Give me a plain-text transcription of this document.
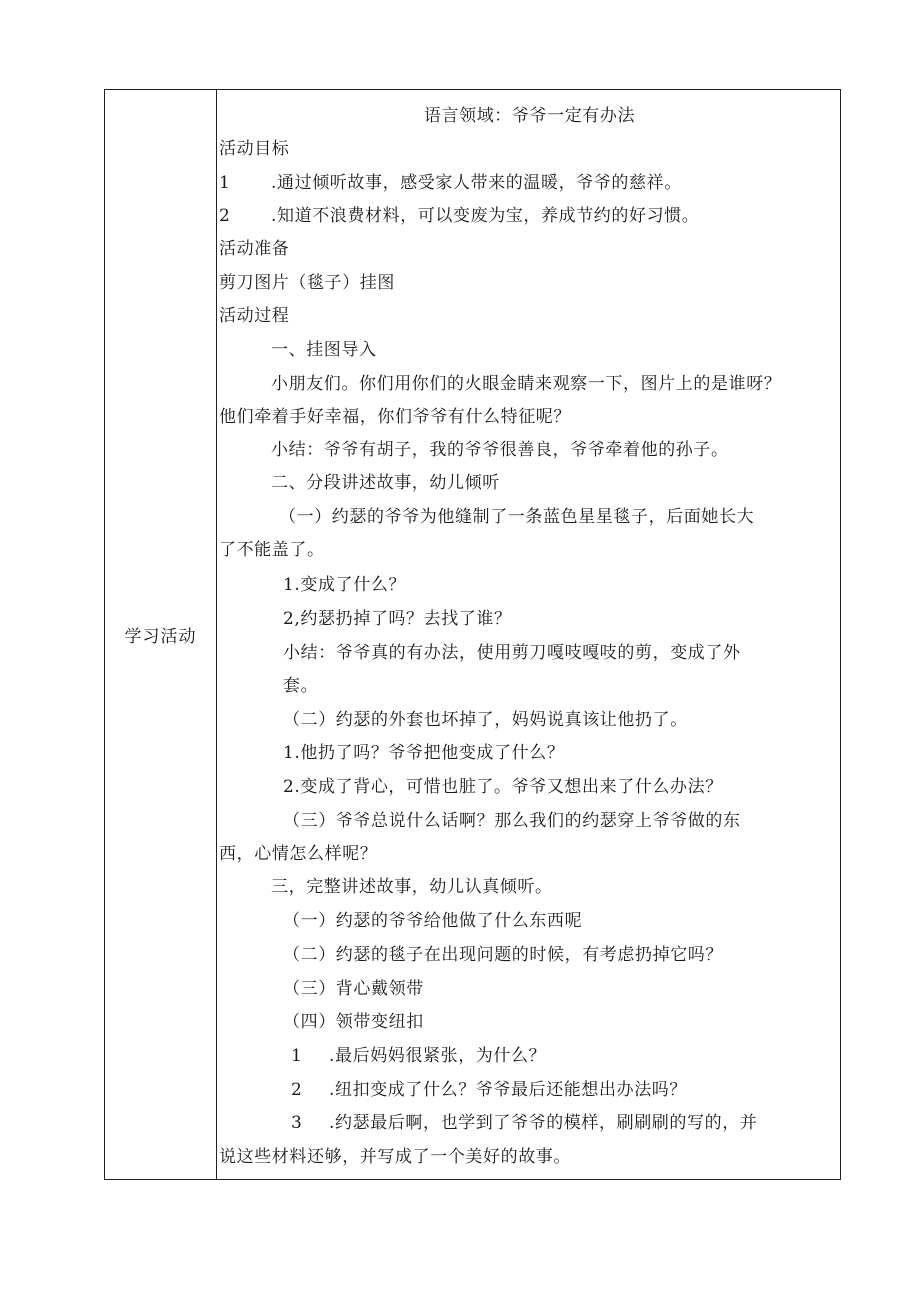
学习活动
语言领域：爷爷一定有办法
活动目标
1 .通过倾听故事，感受家人带来的温暖，爷爷的慈祥。
2 .知道不浪费材料，可以变废为宝，养成节约的好习惯。
活动准备
剪刀图片（毯子）挂图
活动过程
一、挂图导入
小朋友们。你们用你们的火眼金睛来观察一下，图片上的是谁呀？
他们牵着手好幸福，你们爷爷有什么特征呢？
小结：爷爷有胡子，我的爷爷很善良，爷爷牵着他的孙子。
二、分段讲述故事，幼儿倾听
（一）约瑟的爷爷为他缝制了一条蓝色星星毯子，后面她长大
了不能盖了。
1.变成了什么？
2,约瑟扔掉了吗？去找了谁？
小结：爷爷真的有办法，使用剪刀嘎吱嘎吱的剪，变成了外
套。
（二）约瑟的外套也坏掉了，妈妈说真该让他扔了。
1.他扔了吗？爷爷把他变成了什么？
2.变成了背心，可惜也脏了。爷爷又想出来了什么办法？
（三）爷爷总说什么话啊？那么我们的约瑟穿上爷爷做的东
西，心情怎么样呢？
三，完整讲述故事，幼儿认真倾听。
（一）约瑟的爷爷给他做了什么东西呢
（二）约瑟的毯子在出现问题的时候，有考虑扔掉它吗？
（三）背心戴领带
（四）领带变纽扣
1 .最后妈妈很紧张，为什么？
2 .纽扣变成了什么？爷爷最后还能想出办法吗？
3 .约瑟最后啊，也学到了爷爷的模样，刷刷刷的写的，并
说这些材料还够，并写成了一个美好的故事。
